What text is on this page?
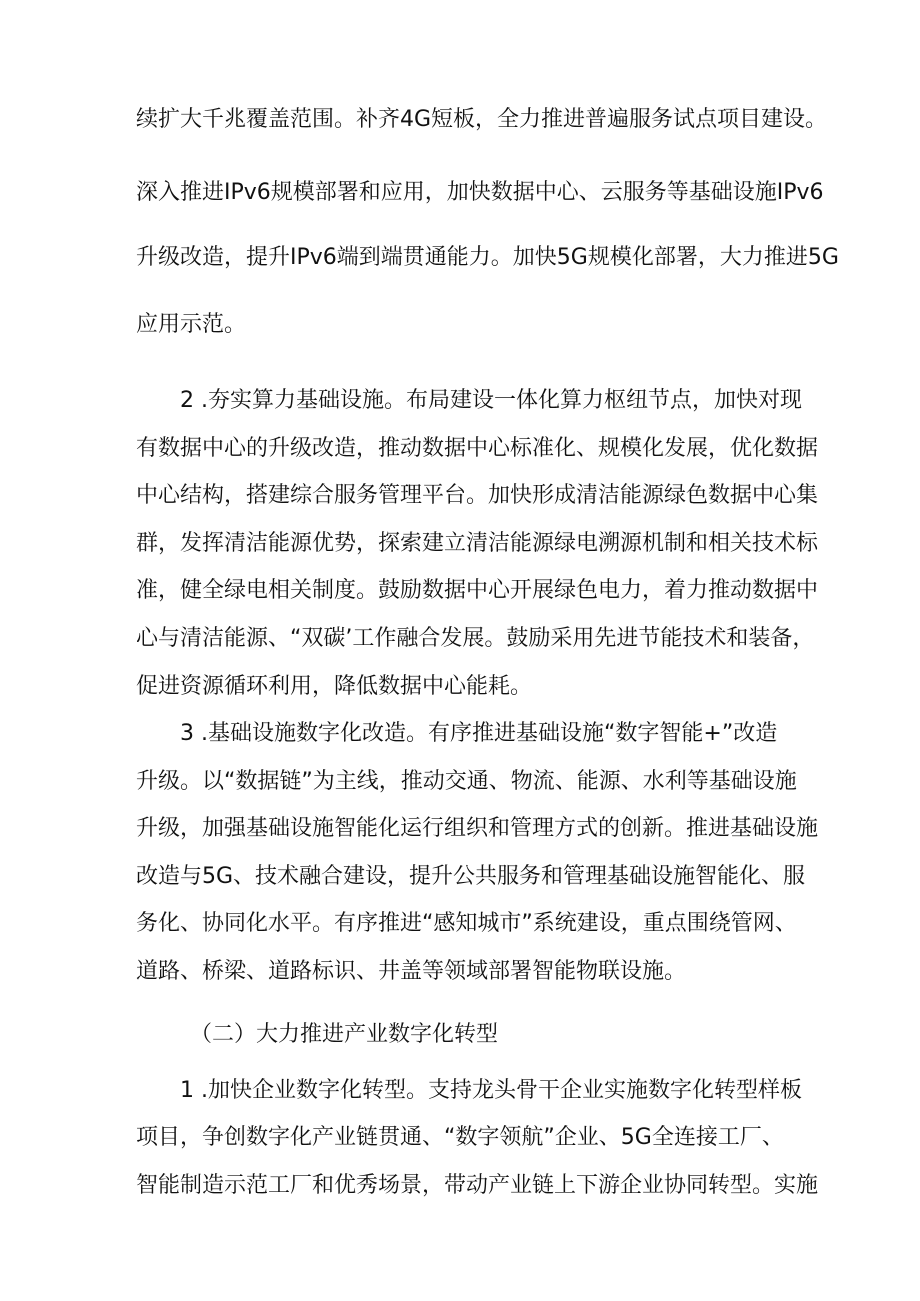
续扩大千兆覆盖范围。补齐4G短板，全力推进普遍服务试点项目建设。
深入推进IPv6规模部署和应用，加快数据中心、云服务等基础设施IPv6
升级改造，提升IPv6端到端贯通能力。加快5G规模化部署，大力推进5G
应用示范。
2 .夯实算力基础设施。布局建设一体化算力枢纽节点，加快对现
有数据中心的升级改造，推动数据中心标准化、规模化发展，优化数据
中心结构，搭建综合服务管理平台。加快形成清洁能源绿色数据中心集
群，发挥清洁能源优势，探索建立清洁能源绿电溯源机制和相关技术标
准，健全绿电相关制度。鼓励数据中心开展绿色电力，着力推动数据中
心与清洁能源、“双碳’工作融合发展。鼓励采用先进节能技术和装备，
促进资源循环利用，降低数据中心能耗。
3 .基础设施数字化改造。有序推进基础设施“数字智能+”改造
升级。以“数据链”为主线，推动交通、物流、能源、水利等基础设施
升级，加强基础设施智能化运行组织和管理方式的创新。推进基础设施
改造与5G、技术融合建设，提升公共服务和管理基础设施智能化、服
务化、协同化水平。有序推进“感知城市”系统建设，重点围绕管网、
道路、桥梁、道路标识、井盖等领域部署智能物联设施。
（二）大力推进产业数字化转型
1 .加快企业数字化转型。支持龙头骨干企业实施数字化转型样板
项目，争创数字化产业链贯通、“数字领航”企业、5G全连接工厂、
智能制造示范工厂和优秀场景，带动产业链上下游企业协同转型。实施
